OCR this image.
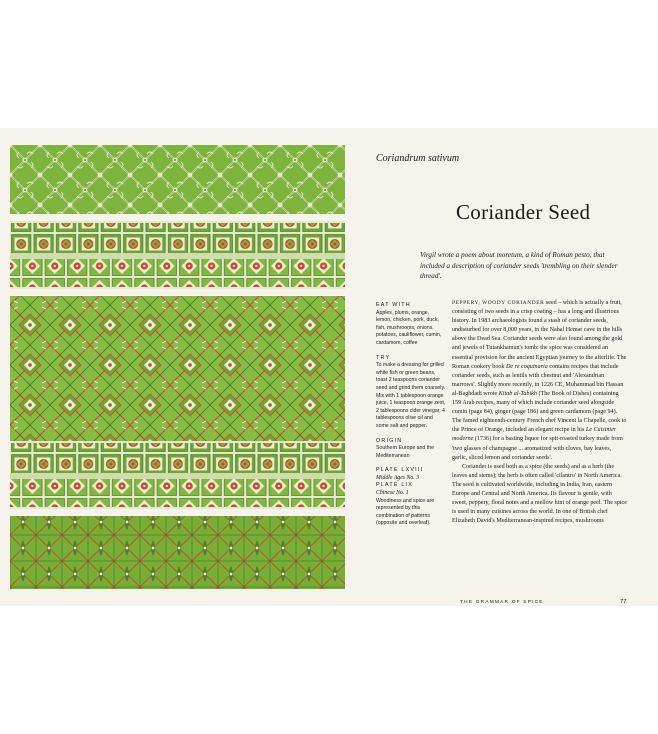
Coriandrum sativum
Coriander Seed
Virgil wrote a poem about moretum, a kind of Roman pesto, that included a description of coriander seeds 'trembling on their slender thread'.
EAT WITH
Apples, plums, orange, lemon, chicken, pork, duck, fish, mushrooms, onions, potatoes, cauliflower, cumin, cardamom, coffee
TRY
To make a dressing for grilled white fish or green beans, toast 2 teaspoons coriander seed and grind them coarsely. Mix with 1 tablespoon orange juice, 1 teaspoon orange zest, 2 tablespoons cider vinegar, 4 tablespoons olive oil and some salt and pepper.
ORIGIN
Southern Europe and the Mediterranean
PLATE LXVIII
Middle Ages No. 3
PLATE LIX
Chinese No. 1
Woodiness and spice are represented by this combination of patterns (opposite and overleaf).

PEPPERY, WOODY CORIANDER seed – which is actually a fruit, consisting of two seeds in a crisp coating – has a long and illustrious history. In 1983 archaeologists found a stash of coriander seeds, undisturbed for over 8,000 years, in the Nahal Hemar cave in the hills above the Dead Sea. Coriander seeds were also found among the gold and jewels of Tutankhamun's tomb: the spice was considered an essential provision for the ancient Egyptian journey to the afterlife. The Roman cookery book De re coquinaria contains recipes that include coriander seeds, such as lentils with chestnut and 'Alexandrian marrows'. Slightly more recently, in 1226 CE, Muhammad bin Hassan al-Baghdadi wrote Kitab al-Tabikh (The Book of Dishes) containing 159 Arab recipes, many of which include coriander seed alongside cumin (page 84), ginger (page 186) and green cardamom (page 94). The famed eighteenth-century French chef Vincent la Chapelle, cook to the Prince of Orange, included an elegant recipe in his Le Cuisinier moderne (1736) for a basting liquor for spit-roasted turkey made from 'two glasses of champagne ... aromatized with cloves, bay leaves, garlic, sliced lemon and coriander seeds'.

Coriander is used both as a spice (the seeds) and as a herb (the leaves and stems); the herb is often called 'cilantro' in North America. The seed is cultivated worldwide, including in India, Iran, eastern Europe and Central and North America. Its flavour is gentle, with sweet, peppery, floral notes and a mellow hint of orange peel. The spice is used in many cuisines across the world. In one of British chef Elizabeth David's Mediterranean-inspired recipes, mushrooms

THE GRAMMAR OF SPICE	77
